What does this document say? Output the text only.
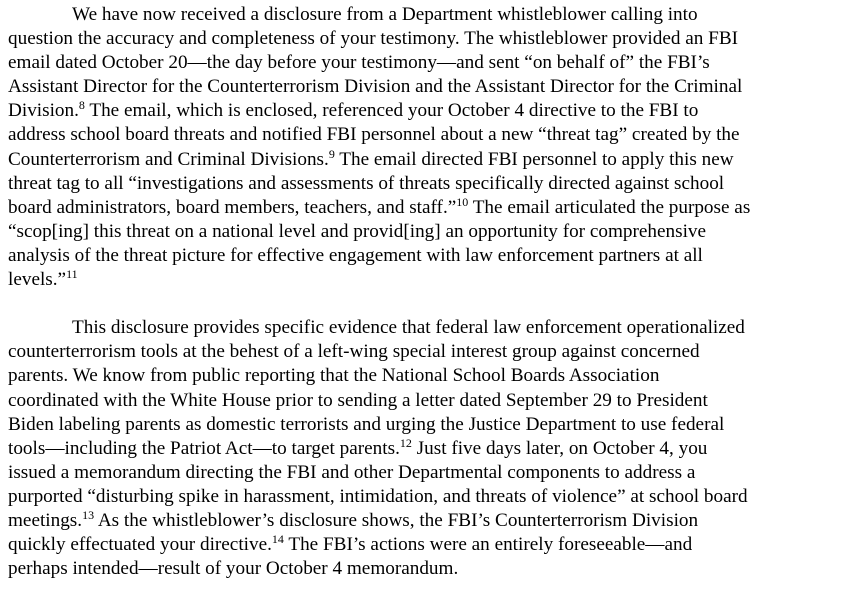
We have now received a disclosure from a Department whistleblower calling into
question the accuracy and completeness of your testimony. The whistleblower provided an FBI
email dated October 20—the day before your testimony—and sent “on behalf of” the FBI’s
Assistant Director for the Counterterrorism Division and the Assistant Director for the Criminal
Division.$^8$ The email, which is enclosed, referenced your October 4 directive to the FBI to
address school board threats and notified FBI personnel about a new “threat tag” created by the
Counterterrorism and Criminal Divisions.$^9$ The email directed FBI personnel to apply this new
threat tag to all “investigations and assessments of threats specifically directed against school
board administrators, board members, teachers, and staff.”$^{10}$ The email articulated the purpose as
“scop[ing] this threat on a national level and provid[ing] an opportunity for comprehensive
analysis of the threat picture for effective engagement with law enforcement partners at all
levels.”$^{11}$

This disclosure provides specific evidence that federal law enforcement operationalized
counterterrorism tools at the behest of a left-wing special interest group against concerned
parents. We know from public reporting that the National School Boards Association
coordinated with the White House prior to sending a letter dated September 29 to President
Biden labeling parents as domestic terrorists and urging the Justice Department to use federal
tools—including the Patriot Act—to target parents.$^{12}$ Just five days later, on October 4, you
issued a memorandum directing the FBI and other Departmental components to address a
purported “disturbing spike in harassment, intimidation, and threats of violence” at school board
meetings.$^{13}$ As the whistleblower’s disclosure shows, the FBI’s Counterterrorism Division
quickly effectuated your directive.$^{14}$ The FBI’s actions were an entirely foreseeable—and
perhaps intended—result of your October 4 memorandum.
